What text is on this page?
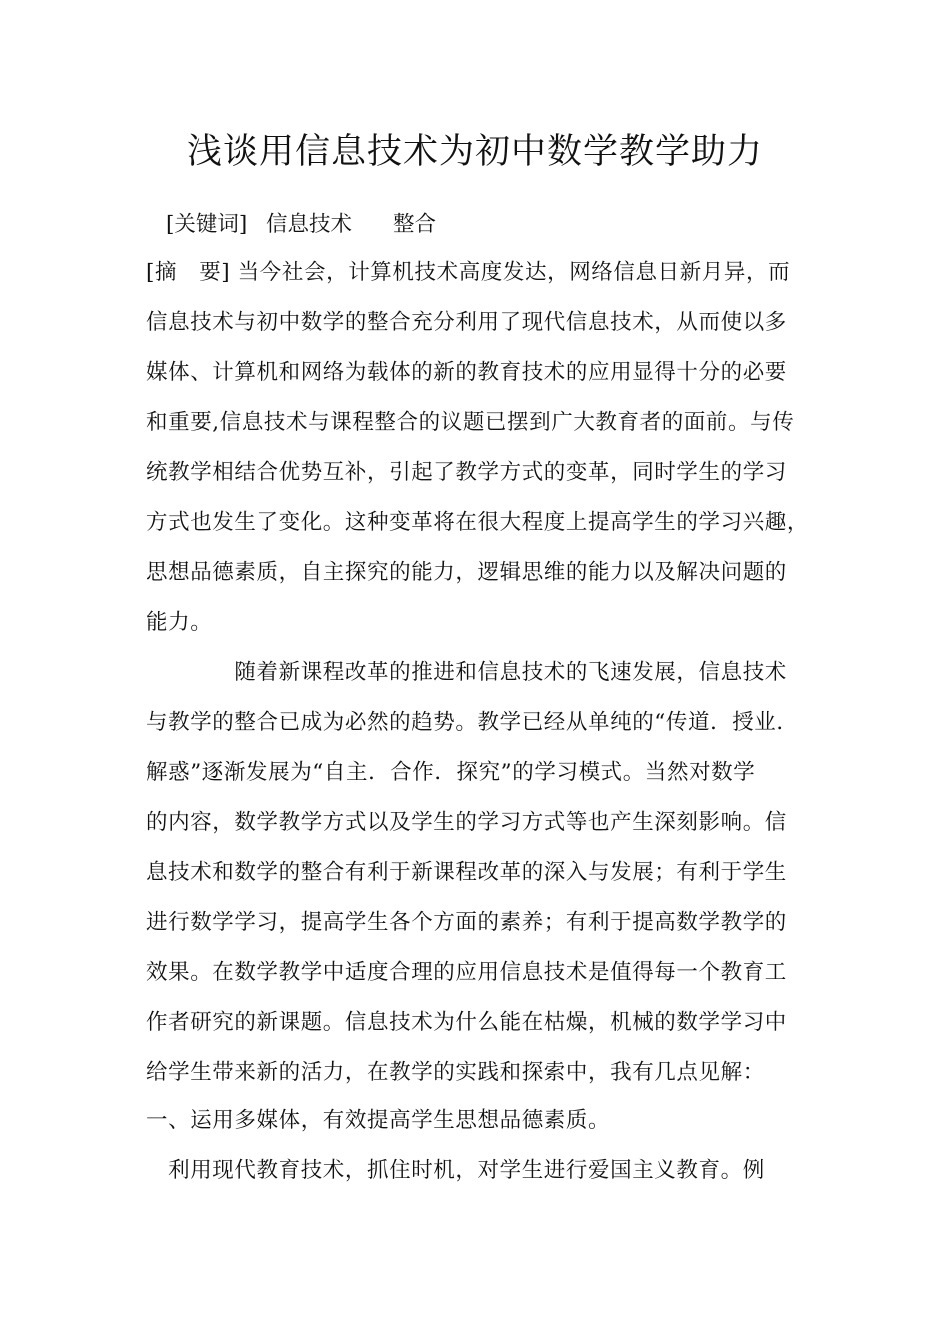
浅谈用信息技术为初中数学教学助力
[关键词] 信息技术 整合
[摘　要] 当今社会，计算机技术高度发达，网络信息日新月异，而
信息技术与初中数学的整合充分利用了现代信息技术，从而使以多
媒体、计算机和网络为载体的新的教育技术的应用显得十分的必要
和重要,信息技术与课程整合的议题已摆到广大教育者的面前。与传
统教学相结合优势互补，引起了教学方式的变革，同时学生的学习
方式也发生了变化。这种变革将在很大程度上提高学生的学习兴趣，
思想品德素质，自主探究的能力，逻辑思维的能力以及解决问题的
能力。
　　　　随着新课程改革的推进和信息技术的飞速发展，信息技术
与教学的整合已成为必然的趋势。教学已经从单纯的“传道．授业．
解惑”逐渐发展为“自主．合作．探究”的学习模式。当然对数学
的内容，数学教学方式以及学生的学习方式等也产生深刻影响。信
息技术和数学的整合有利于新课程改革的深入与发展；有利于学生
进行数学学习，提高学生各个方面的素养；有利于提高数学教学的
效果。在数学教学中适度合理的应用信息技术是值得每一个教育工
作者研究的新课题。信息技术为什么能在枯燥，机械的数学学习中
给学生带来新的活力，在教学的实践和探索中，我有几点见解：
一、运用多媒体，有效提高学生思想品德素质。
　利用现代教育技术，抓住时机，对学生进行爱国主义教育。例
